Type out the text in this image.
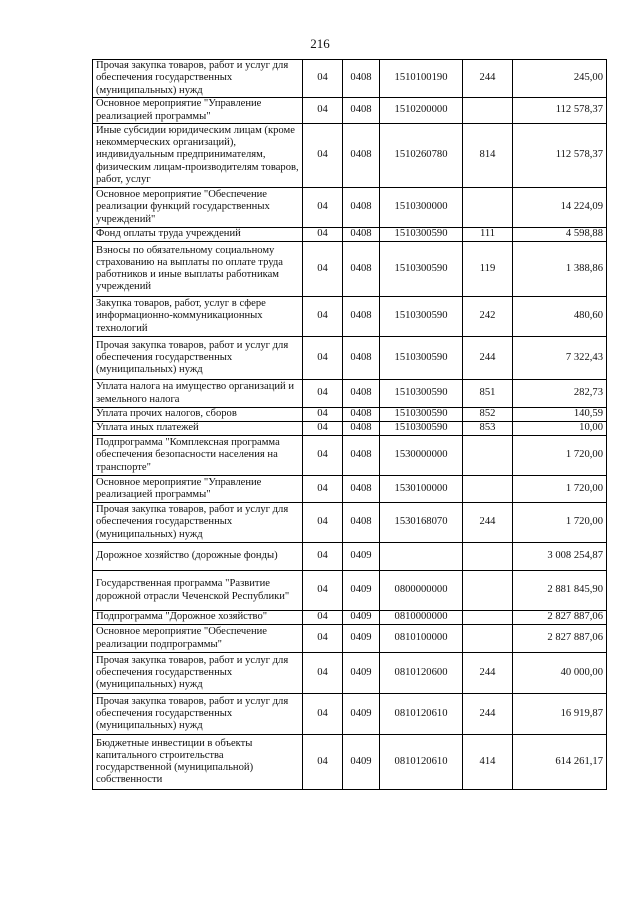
216
Прочая закупка товаров, работ и услуг для обеспечения государственных (муниципальных) нужд	04	0408	1510100190	244	245,00
Основное мероприятие "Управление реализацией программы"	04	0408	1510200000		112 578,37
Иные субсидии юридическим лицам (кроме некоммерческих организаций), индивидуальным предпринимателям, физическим лицам-производителям товаров, работ, услуг	04	0408	1510260780	814	112 578,37
Основное мероприятие "Обеспечение реализации функций государственных учреждений"	04	0408	1510300000		14 224,09
Фонд оплаты труда учреждений	04	0408	1510300590	111	4 598,88
Взносы по обязательному социальному страхованию на выплаты по оплате труда работников и иные выплаты работникам учреждений	04	0408	1510300590	119	1 388,86
Закупка товаров, работ, услуг в сфере информационно-коммуникационных технологий	04	0408	1510300590	242	480,60
Прочая закупка товаров, работ и услуг для обеспечения государственных (муниципальных) нужд	04	0408	1510300590	244	7 322,43
Уплата налога на имущество организаций и земельного налога	04	0408	1510300590	851	282,73
Уплата прочих налогов, сборов	04	0408	1510300590	852	140,59
Уплата иных платежей	04	0408	1510300590	853	10,00
Подпрограмма "Комплексная программа обеспечения безопасности населения на транспорте"	04	0408	1530000000		1 720,00
Основное мероприятие "Управление реализацией программы"	04	0408	1530100000		1 720,00
Прочая закупка товаров, работ и услуг для обеспечения государственных (муниципальных) нужд	04	0408	1530168070	244	1 720,00
Дорожное хозяйство (дорожные фонды)	04	0409			3 008 254,87
Государственная программа "Развитие дорожной отрасли Чеченской Республики"	04	0409	0800000000		2 881 845,90
Подпрограмма "Дорожное хозяйство"	04	0409	0810000000		2 827 887,06
Основное мероприятие "Обеспечение реализации подпрограммы"	04	0409	0810100000		2 827 887,06
Прочая закупка товаров, работ и услуг для обеспечения государственных (муниципальных) нужд	04	0409	0810120600	244	40 000,00
Прочая закупка товаров, работ и услуг для обеспечения государственных (муниципальных) нужд	04	0409	0810120610	244	16 919,87
Бюджетные инвестиции в объекты капитального строительства государственной (муниципальной) собственности	04	0409	0810120610	414	614 261,17
